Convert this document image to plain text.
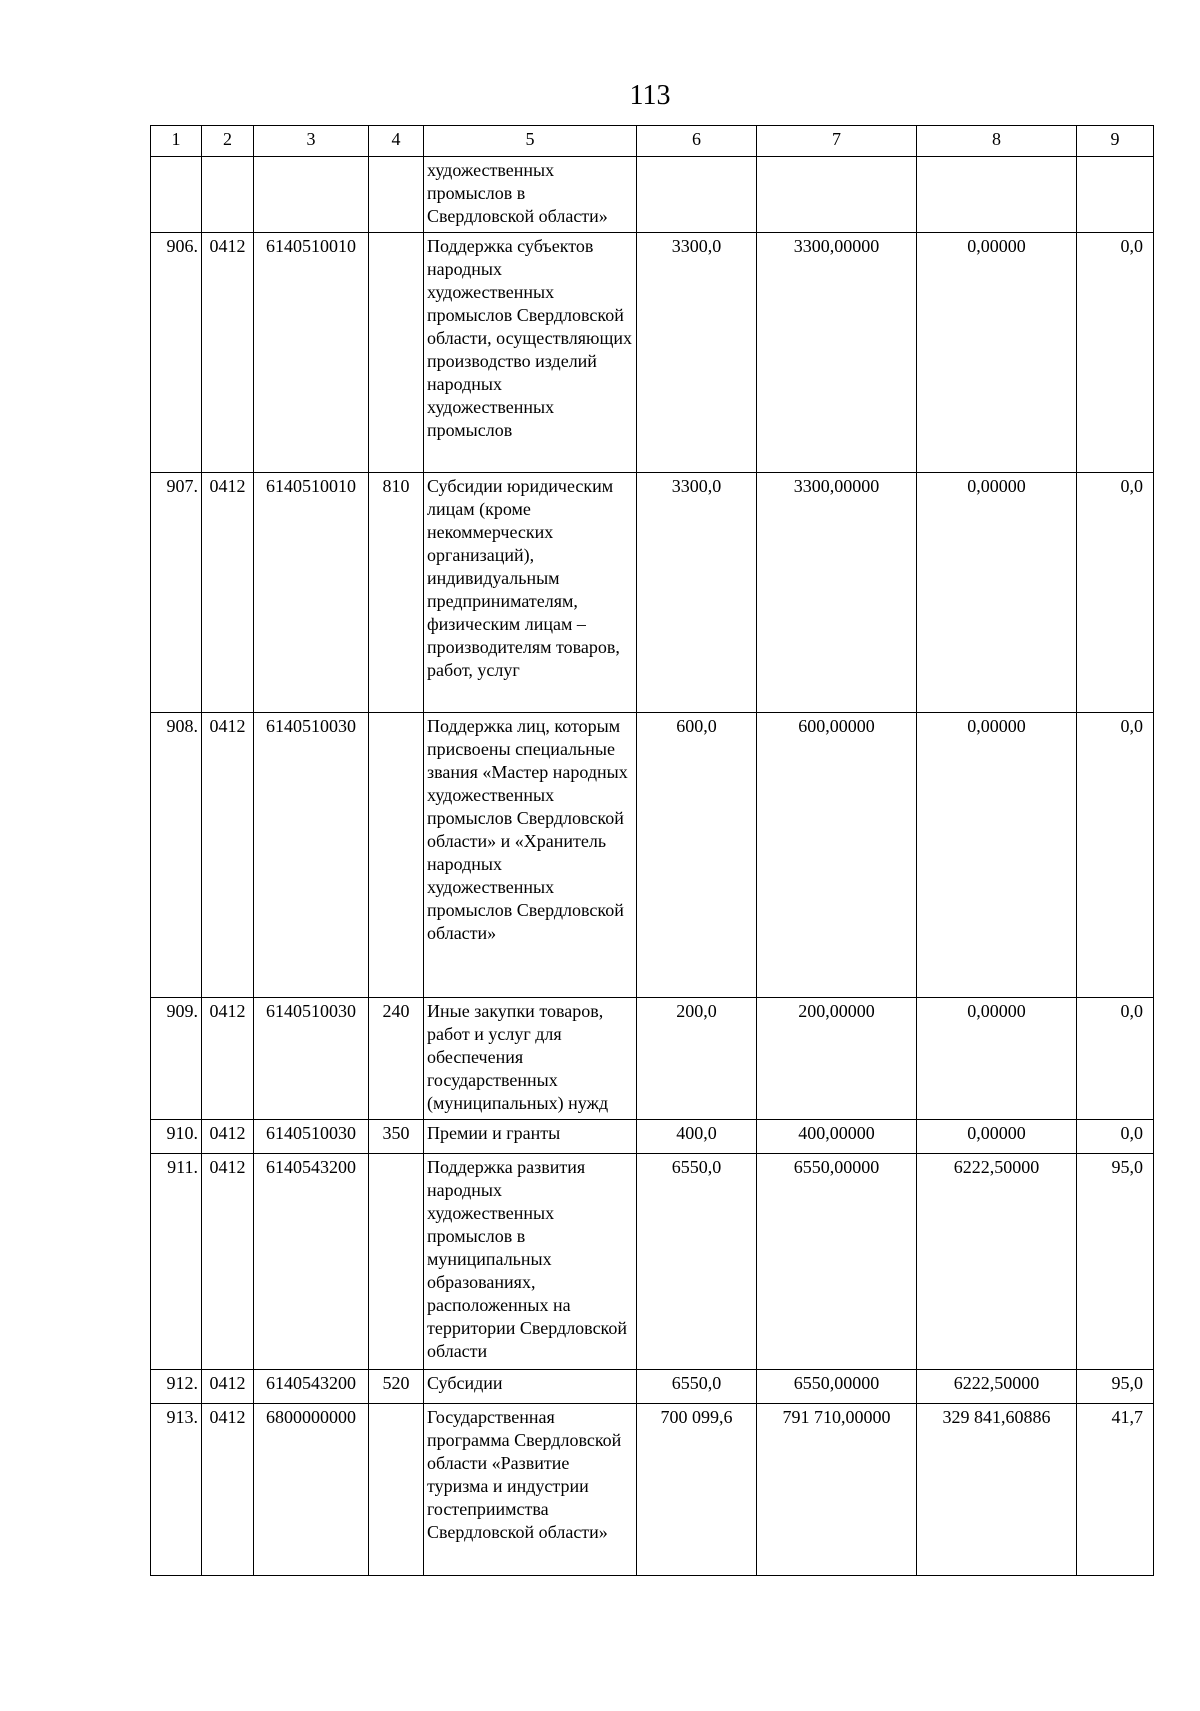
113
1	2	3	4	5	6	7	8	9
				художественных промыслов в Свердловской области»				
906.	0412	6140510010		Поддержка субъектов народных художественных промыслов Свердловской области, осуществляющих производство изделий народных художественных промыслов	3300,0	3300,00000	0,00000	0,0
907.	0412	6140510010	810	Субсидии юридическим лицам (кроме некоммерческих организаций), индивидуальным предпринимателям, физическим лицам – производителям товаров, работ, услуг	3300,0	3300,00000	0,00000	0,0
908.	0412	6140510030		Поддержка лиц, которым присвоены специальные звания «Мастер народных художественных промыслов Свердловской области» и «Хранитель народных художественных промыслов Свердловской области»	600,0	600,00000	0,00000	0,0
909.	0412	6140510030	240	Иные закупки товаров, работ и услуг для обеспечения государственных (муниципальных) нужд	200,0	200,00000	0,00000	0,0
910.	0412	6140510030	350	Премии и гранты	400,0	400,00000	0,00000	0,0
911.	0412	6140543200		Поддержка развития народных художественных промыслов в муниципальных образованиях, расположенных на территории Свердловской области	6550,0	6550,00000	6222,50000	95,0
912.	0412	6140543200	520	Субсидии	6550,0	6550,00000	6222,50000	95,0
913.	0412	6800000000		Государственная программа Свердловской области «Развитие туризма и индустрии гостеприимства Свердловской области»	700 099,6	791 710,00000	329 841,60886	41,7
